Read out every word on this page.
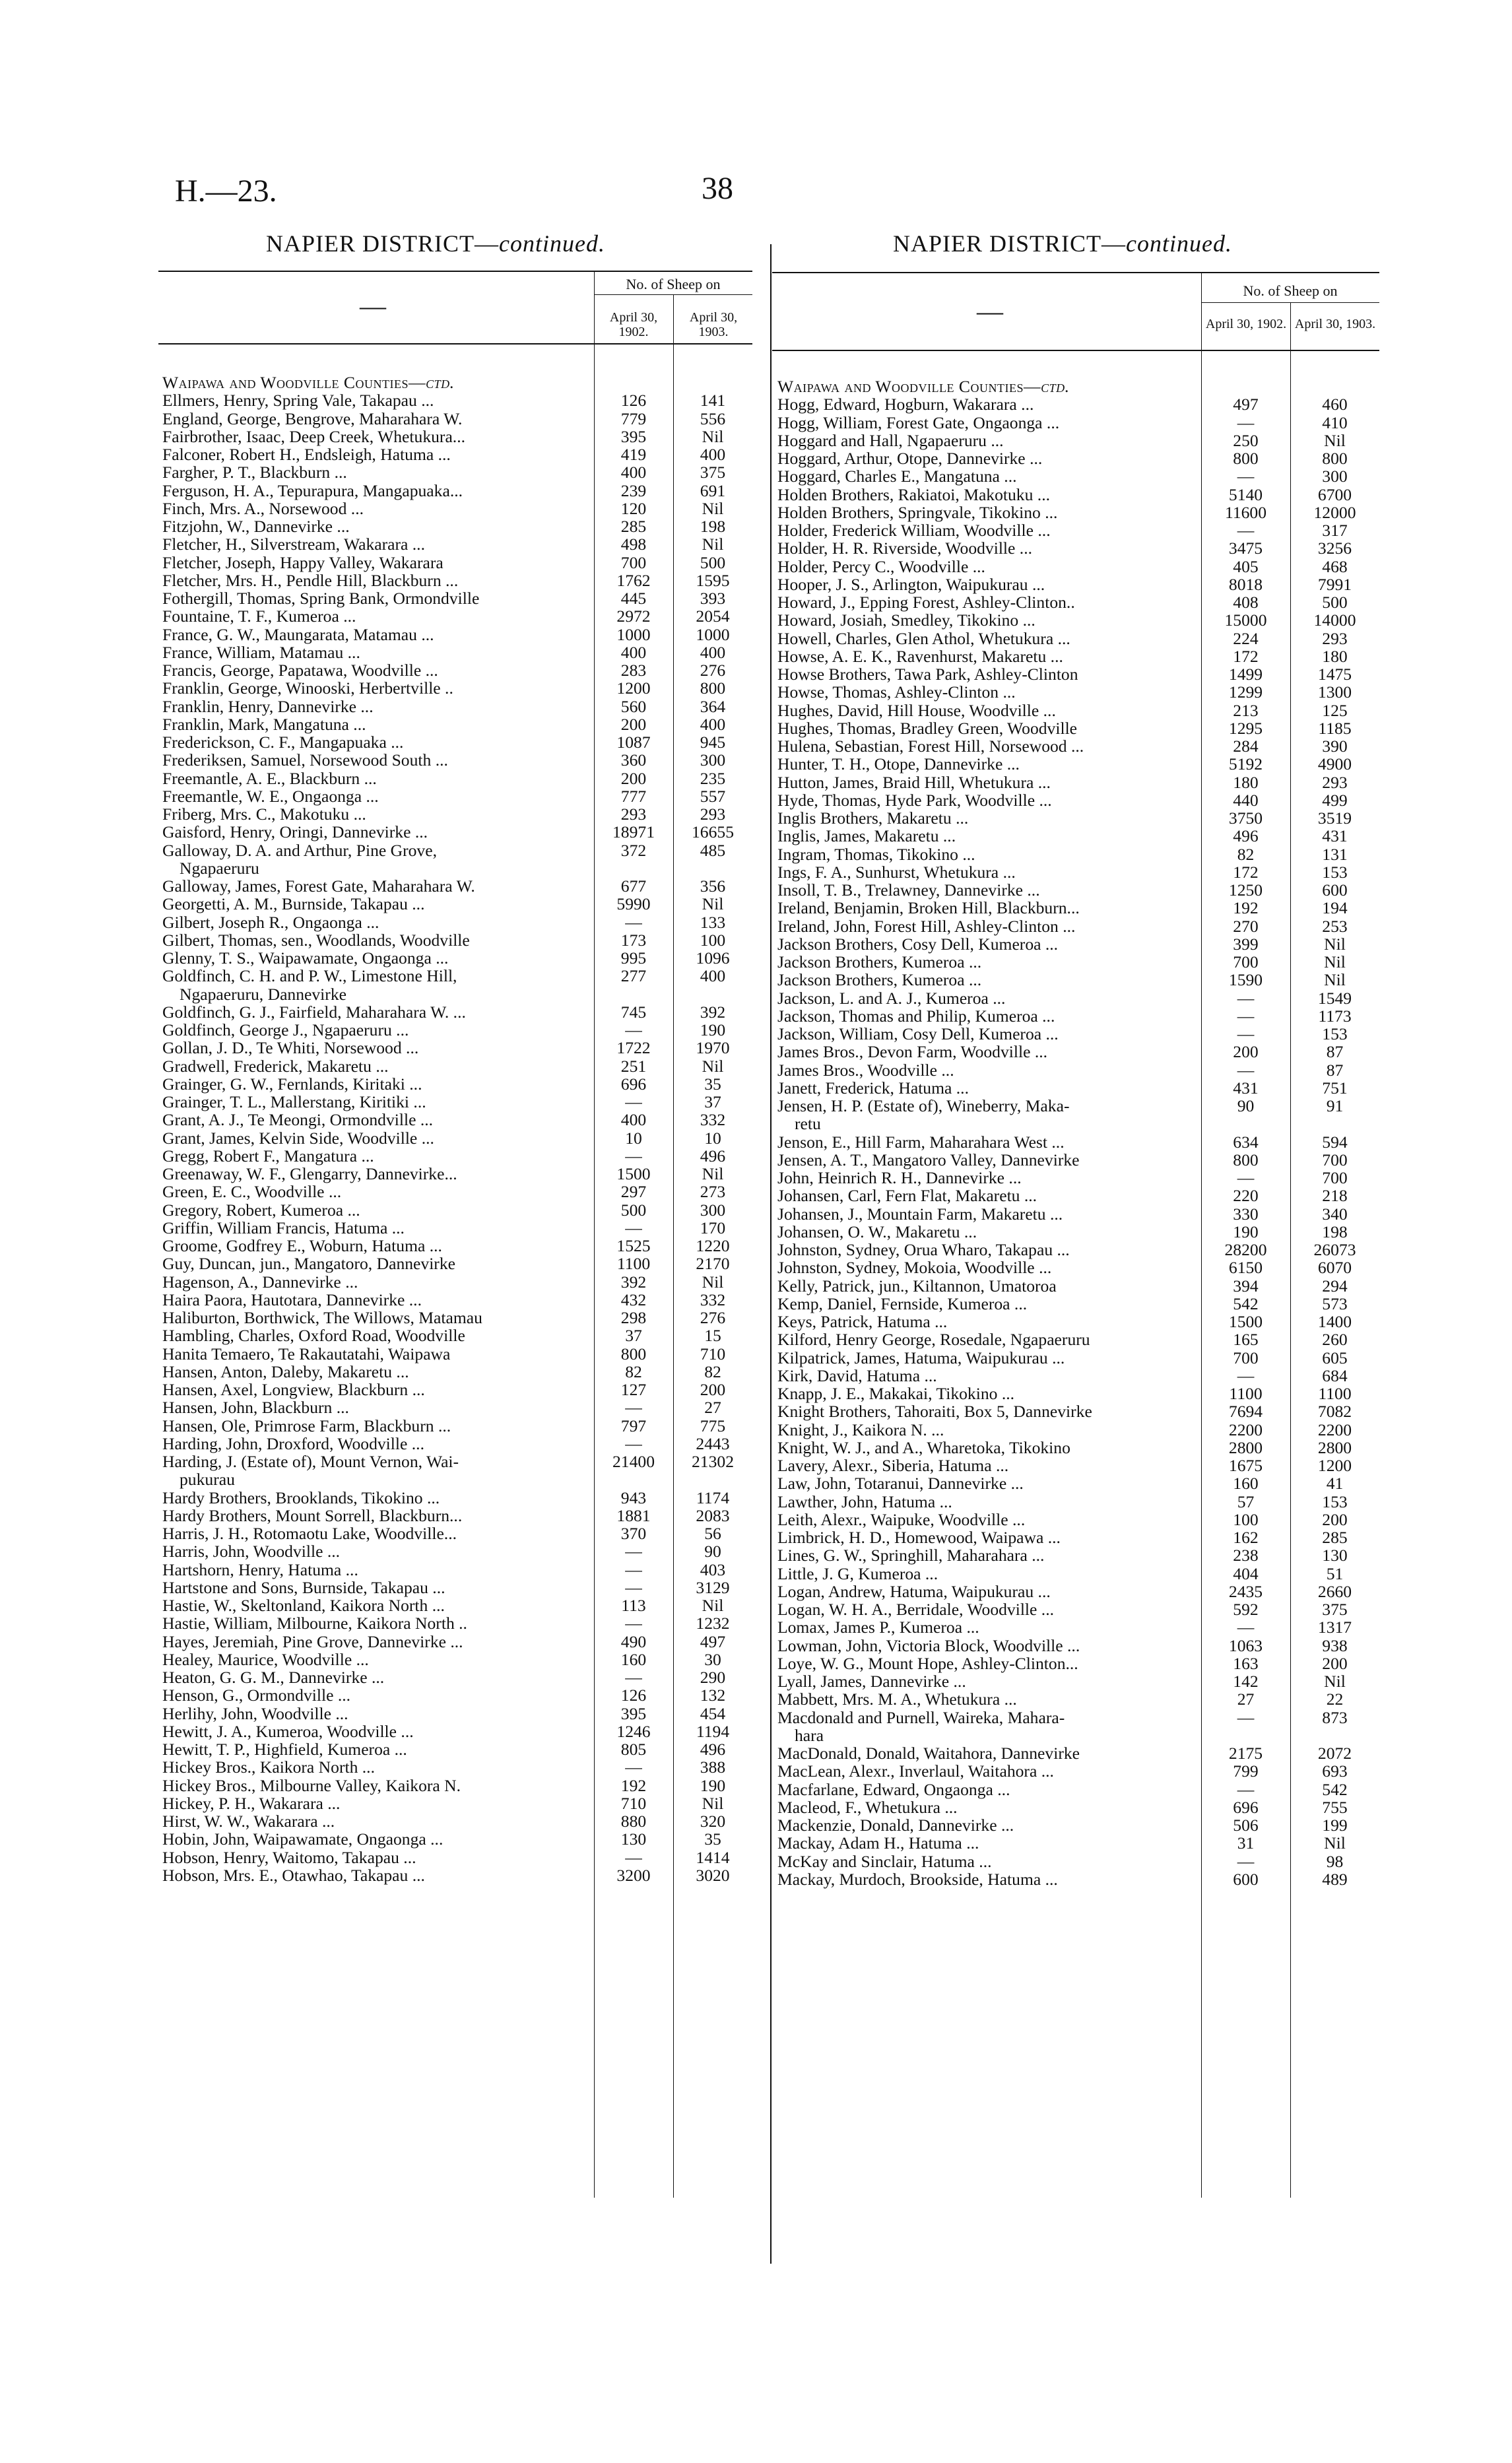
H.—23.	38
NAPIER DISTRICT—continued.
—
No. of Sheep on
April 30, 1902.
April 30, 1903.
Waipawa and Woodville Counties—ctd.
Ellmers, Henry, Spring Vale, Takapau ...	126	141
England, George, Bengrove, Maharahara W.	779	556
Fairbrother, Isaac, Deep Creek, Whetukura...	395	Nil
Falconer, Robert H., Endsleigh, Hatuma ...	419	400
Fargher, P. T., Blackburn ...	400	375
Ferguson, H. A., Tepurapura, Mangapuaka...	239	691
Finch, Mrs. A., Norsewood ...	120	Nil
Fitzjohn, W., Dannevirke ...	285	198
Fletcher, H., Silverstream, Wakarara ...	498	Nil
Fletcher, Joseph, Happy Valley, Wakarara	700	500
Fletcher, Mrs. H., Pendle Hill, Blackburn ...	1762	1595
Fothergill, Thomas, Spring Bank, Ormondville	445	393
Fountaine, T. F., Kumeroa ...	2972	2054
France, G. W., Maungarata, Matamau ...	1000	1000
France, William, Matamau ...	400	400
Francis, George, Papatawa, Woodville ...	283	276
Franklin, George, Winooski, Herbertville ..	1200	800
Franklin, Henry, Dannevirke ...	560	364
Franklin, Mark, Mangatuna ...	200	400
Frederickson, C. F., Mangapuaka ...	1087	945
Frederiksen, Samuel, Norsewood South ...	360	300
Freemantle, A. E., Blackburn ...	200	235
Freemantle, W. E., Ongaonga ...	777	557
Friberg, Mrs. C., Makotuku ...	293	293
Gaisford, Henry, Oringi, Dannevirke ...	18971	16655
Galloway, D. A. and Arthur, Pine Grove,	372	485
Ngapaeruru
Galloway, James, Forest Gate, Maharahara W.	677	356
Georgetti, A. M., Burnside, Takapau ...	5990	Nil
Gilbert, Joseph R., Ongaonga ...	—	133
Gilbert, Thomas, sen., Woodlands, Woodville	173	100
Glenny, T. S., Waipawamate, Ongaonga ...	995	1096
Goldfinch, C. H. and P. W., Limestone Hill,	277	400
Ngapaeruru, Dannevirke
Goldfinch, G. J., Fairfield, Maharahara W. ...	745	392
Goldfinch, George J., Ngapaeruru ...	—	190
Gollan, J. D., Te Whiti, Norsewood ...	1722	1970
Gradwell, Frederick, Makaretu ...	251	Nil
Grainger, G. W., Fernlands, Kiritaki ...	696	35
Grainger, T. L., Mallerstang, Kiritiki ...	—	37
Grant, A. J., Te Meongi, Ormondville ...	400	332
Grant, James, Kelvin Side, Woodville ...	10	10
Gregg, Robert F., Mangatura ...	—	496
Greenaway, W. F., Glengarry, Dannevirke...	1500	Nil
Green, E. C., Woodville ...	297	273
Gregory, Robert, Kumeroa ...	500	300
Griffin, William Francis, Hatuma ...	—	170
Groome, Godfrey E., Woburn, Hatuma ...	1525	1220
Guy, Duncan, jun., Mangatoro, Dannevirke	1100	2170
Hagenson, A., Dannevirke ...	392	Nil
Haira Paora, Hautotara, Dannevirke ...	432	332
Haliburton, Borthwick, The Willows, Matamau	298	276
Hambling, Charles, Oxford Road, Woodville	37	15
Hanita Temaero, Te Rakautatahi, Waipawa	800	710
Hansen, Anton, Daleby, Makaretu ...	82	82
Hansen, Axel, Longview, Blackburn ...	127	200
Hansen, John, Blackburn ...	—	27
Hansen, Ole, Primrose Farm, Blackburn ...	797	775
Harding, John, Droxford, Woodville ...	—	2443
Harding, J. (Estate of), Mount Vernon, Wai-	21400	21302
pukurau
Hardy Brothers, Brooklands, Tikokino ...	943	1174
Hardy Brothers, Mount Sorrell, Blackburn...	1881	2083
Harris, J. H., Rotomaotu Lake, Woodville...	370	56
Harris, John, Woodville ...	—	90
Hartshorn, Henry, Hatuma ...	—	403
Hartstone and Sons, Burnside, Takapau ...	—	3129
Hastie, W., Skeltonland, Kaikora North ...	113	Nil
Hastie, William, Milbourne, Kaikora North ..	—	1232
Hayes, Jeremiah, Pine Grove, Dannevirke ...	490	497
Healey, Maurice, Woodville ...	160	30
Heaton, G. G. M., Dannevirke ...	—	290
Henson, G., Ormondville ...	126	132
Herlihy, John, Woodville ...	395	454
Hewitt, J. A., Kumeroa, Woodville ...	1246	1194
Hewitt, T. P., Highfield, Kumeroa ...	805	496
Hickey Bros., Kaikora North ...	—	388
Hickey Bros., Milbourne Valley, Kaikora N.	192	190
Hickey, P. H., Wakarara ...	710	Nil
Hirst, W. W., Wakarara ...	880	320
Hobin, John, Waipawamate, Ongaonga ...	130	35
Hobson, Henry, Waitomo, Takapau ...	—	1414
Hobson, Mrs. E., Otawhao, Takapau ...	3200	3020
NAPIER DISTRICT—continued.
—
No. of Sheep on
April 30, 1902. April 30, 1903.
Waipawa and Woodville Counties—ctd.
Hogg, Edward, Hogburn, Wakarara ...	497	460
Hogg, William, Forest Gate, Ongaonga ...	—	410
Hoggard and Hall, Ngapaeruru ...	250	Nil
Hoggard, Arthur, Otope, Dannevirke ...	800	800
Hoggard, Charles E., Mangatuna ...	—	300
Holden Brothers, Rakiatoi, Makotuku ...	5140	6700
Holden Brothers, Springvale, Tikokino ...	11600	12000
Holder, Frederick William, Woodville ...	—	317
Holder, H. R. Riverside, Woodville ...	3475	3256
Holder, Percy C., Woodville ...	405	468
Hooper, J. S., Arlington, Waipukurau ...	8018	7991
Howard, J., Epping Forest, Ashley-Clinton..	408	500
Howard, Josiah, Smedley, Tikokino ...	15000	14000
Howell, Charles, Glen Athol, Whetukura ...	224	293
Howse, A. E. K., Ravenhurst, Makaretu ...	172	180
Howse Brothers, Tawa Park, Ashley-Clinton	1499	1475
Howse, Thomas, Ashley-Clinton ...	1299	1300
Hughes, David, Hill House, Woodville ...	213	125
Hughes, Thomas, Bradley Green, Woodville	1295	1185
Hulena, Sebastian, Forest Hill, Norsewood ...	284	390
Hunter, T. H., Otope, Dannevirke ...	5192	4900
Hutton, James, Braid Hill, Whetukura ...	180	293
Hyde, Thomas, Hyde Park, Woodville ...	440	499
Inglis Brothers, Makaretu ...	3750	3519
Inglis, James, Makaretu ...	496	431
Ingram, Thomas, Tikokino ...	82	131
Ings, F. A., Sunhurst, Whetukura ...	172	153
Insoll, T. B., Trelawney, Dannevirke ...	1250	600
Ireland, Benjamin, Broken Hill, Blackburn...	192	194
Ireland, John, Forest Hill, Ashley-Clinton ...	270	253
Jackson Brothers, Cosy Dell, Kumeroa ...	399	Nil
Jackson Brothers, Kumeroa ...	700	Nil
Jackson Brothers, Kumeroa ...	1590	Nil
Jackson, L. and A. J., Kumeroa ...	—	1549
Jackson, Thomas and Philip, Kumeroa ...	—	1173
Jackson, William, Cosy Dell, Kumeroa ...	—	153
James Bros., Devon Farm, Woodville ...	200	87
James Bros., Woodville ...	—	87
Janett, Frederick, Hatuma ...	431	751
Jensen, H. P. (Estate of), Wineberry, Maka-	90	91
retu
Jenson, E., Hill Farm, Maharahara West ...	634	594
Jensen, A. T., Mangatoro Valley, Dannevirke	800	700
John, Heinrich R. H., Dannevirke ...	—	700
Johansen, Carl, Fern Flat, Makaretu ...	220	218
Johansen, J., Mountain Farm, Makaretu ...	330	340
Johansen, O. W., Makaretu ...	190	198
Johnston, Sydney, Orua Wharo, Takapau ...	28200	26073
Johnston, Sydney, Mokoia, Woodville ...	6150	6070
Kelly, Patrick, jun., Kiltannon, Umatoroa	394	294
Kemp, Daniel, Fernside, Kumeroa ...	542	573
Keys, Patrick, Hatuma ...	1500	1400
Kilford, Henry George, Rosedale, Ngapaeruru	165	260
Kilpatrick, James, Hatuma, Waipukurau ...	700	605
Kirk, David, Hatuma ...	—	684
Knapp, J. E., Makakai, Tikokino ...	1100	1100
Knight Brothers, Tahoraiti, Box 5, Dannevirke	7694	7082
Knight, J., Kaikora N. ...	2200	2200
Knight, W. J., and A., Wharetoka, Tikokino	2800	2800
Lavery, Alexr., Siberia, Hatuma ...	1675	1200
Law, John, Totaranui, Dannevirke ...	160	41
Lawther, John, Hatuma ...	57	153
Leith, Alexr., Waipuke, Woodville ...	100	200
Limbrick, H. D., Homewood, Waipawa ...	162	285
Lines, G. W., Springhill, Maharahara ...	238	130
Little, J. G, Kumeroa ...	404	51
Logan, Andrew, Hatuma, Waipukurau ...	2435	2660
Logan, W. H. A., Berridale, Woodville ...	592	375
Lomax, James P., Kumeroa ...	—	1317
Lowman, John, Victoria Block, Woodville ...	1063	938
Loye, W. G., Mount Hope, Ashley-Clinton...	163	200
Lyall, James, Dannevirke ...	142	Nil
Mabbett, Mrs. M. A., Whetukura ...	27	22
Macdonald and Purnell, Waireka, Mahara-	—	873
hara
MacDonald, Donald, Waitahora, Dannevirke	2175	2072
MacLean, Alexr., Inverlaul, Waitahora ...	799	693
Macfarlane, Edward, Ongaonga ...	—	542
Macleod, F., Whetukura ...	696	755
Mackenzie, Donald, Dannevirke ...	506	199
Mackay, Adam H., Hatuma ...	31	Nil
McKay and Sinclair, Hatuma ...	—	98
Mackay, Murdoch, Brookside, Hatuma ...	600	489
